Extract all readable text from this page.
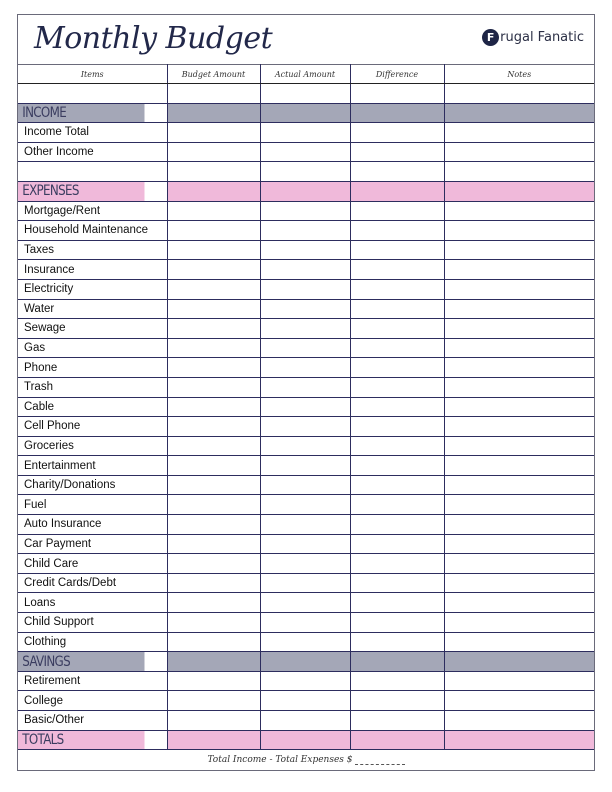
Monthly Budget	F rugal Fanatic
Items	Budget Amount	Actual Amount	Difference	Notes

INCOME				
Income Total				
Other Income				

EXPENSES				
Mortgage/Rent				
Household Maintenance				
Taxes				
Insurance				
Electricity				
Water				
Sewage				
Gas				
Phone				
Trash				
Cable				
Cell Phone				
Groceries				
Entertainment				
Charity/Donations				
Fuel				
Auto Insurance				
Car Payment				
Child Care				
Credit Cards/Debt				
Loans				
Child Support				
Clothing				
SAVINGS				
Retirement				
College				
Basic/Other				
TOTALS				
Total Income - Total Expenses $
